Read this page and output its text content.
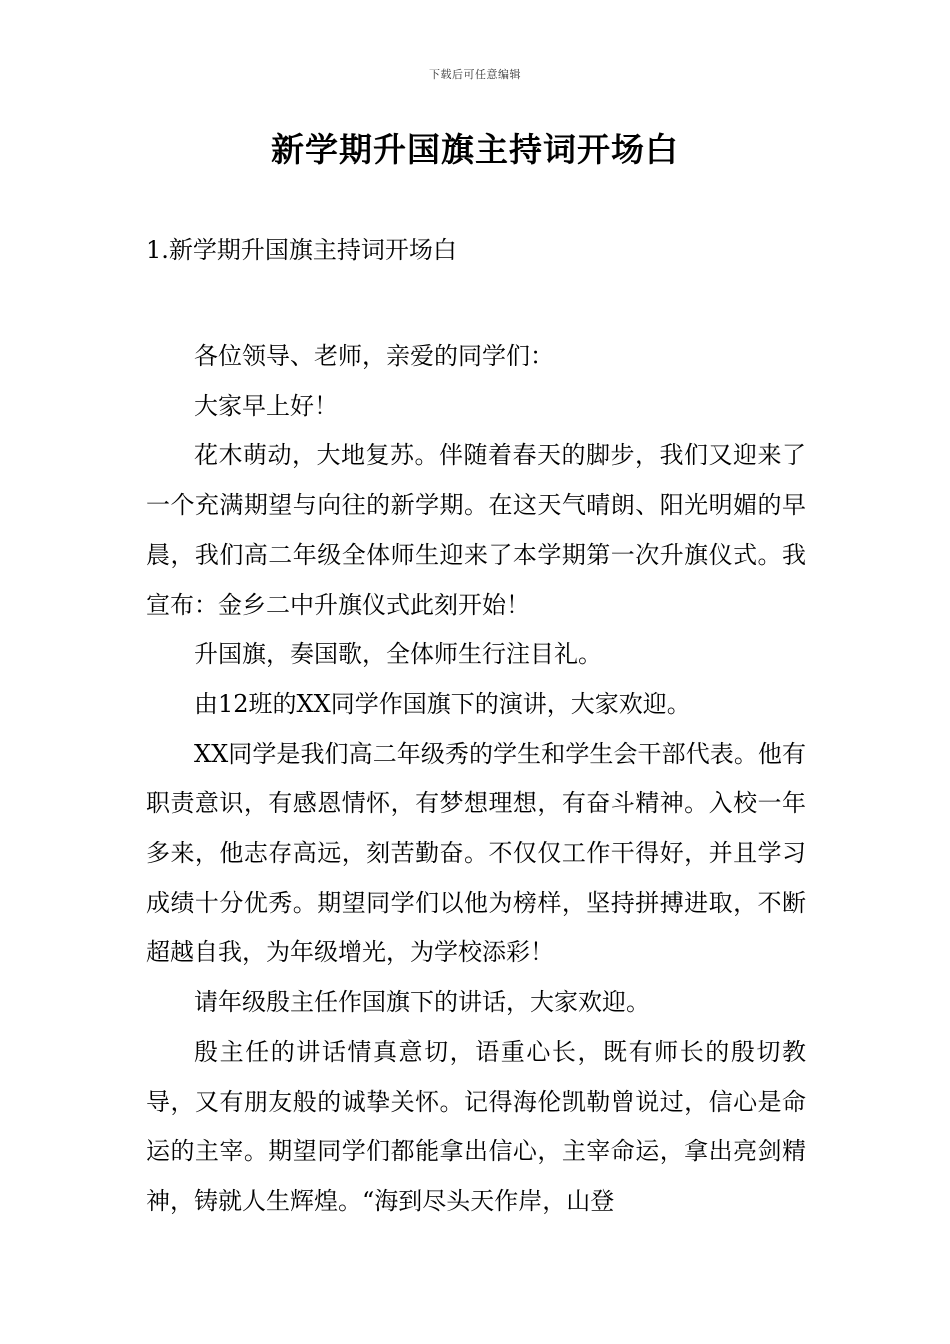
下载后可任意编辑
新学期升国旗主持词开场白
1.新学期升国旗主持词开场白

各位领导、老师，亲爱的同学们：

大家早上好！

花木萌动，大地复苏。伴随着春天的脚步，我们又迎来了一个充满期望与向往的新学期。在这天气晴朗、阳光明媚的早晨，我们高二年级全体师生迎来了本学期第一次升旗仪式。我宣布：金乡二中升旗仪式此刻开始！

升国旗，奏国歌，全体师生行注目礼。

由12班的XX同学作国旗下的演讲，大家欢迎。

XX同学是我们高二年级秀的学生和学生会干部代表。他有职责意识，有感恩情怀，有梦想理想，有奋斗精神。入校一年多来，他志存高远，刻苦勤奋。不仅仅工作干得好，并且学习成绩十分优秀。期望同学们以他为榜样，坚持拼搏进取，不断超越自我，为年级增光，为学校添彩！

请年级殷主任作国旗下的讲话，大家欢迎。

殷主任的讲话情真意切，语重心长，既有师长的殷切教导，又有朋友般的诚挚关怀。记得海伦凯勒曾说过，信心是命运的主宰。期望同学们都能拿出信心，主宰命运，拿出亮剑精神，铸就人生辉煌。“海到尽头天作岸，山登
